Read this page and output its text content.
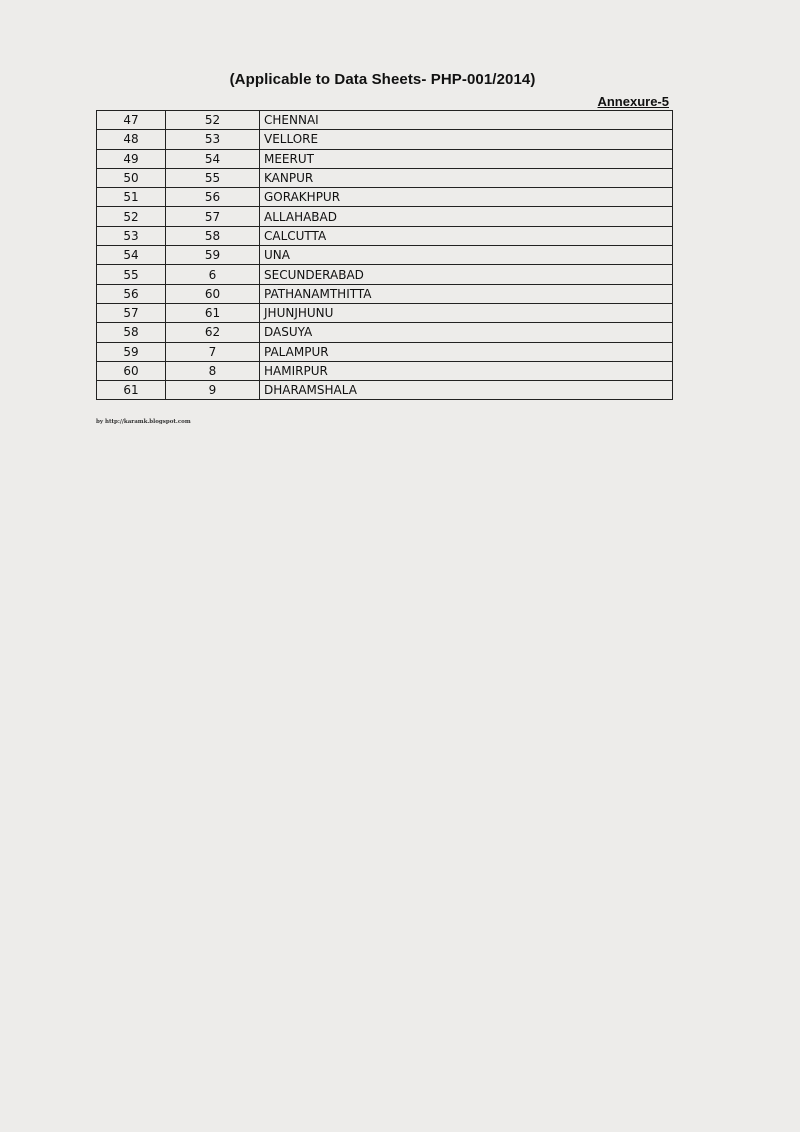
(Applicable to Data Sheets- PHP-001/2014)
Annexure-5
47	52	CHENNAI
48	53	VELLORE
49	54	MEERUT
50	55	KANPUR
51	56	GORAKHPUR
52	57	ALLAHABAD
53	58	CALCUTTA
54	59	UNA
55	6	SECUNDERABAD
56	60	PATHANAMTHITTA
57	61	JHUNJHUNU
58	62	DASUYA
59	7	PALAMPUR
60	8	HAMIRPUR
61	9	DHARAMSHALA
by http://karamk.blogspot.com
